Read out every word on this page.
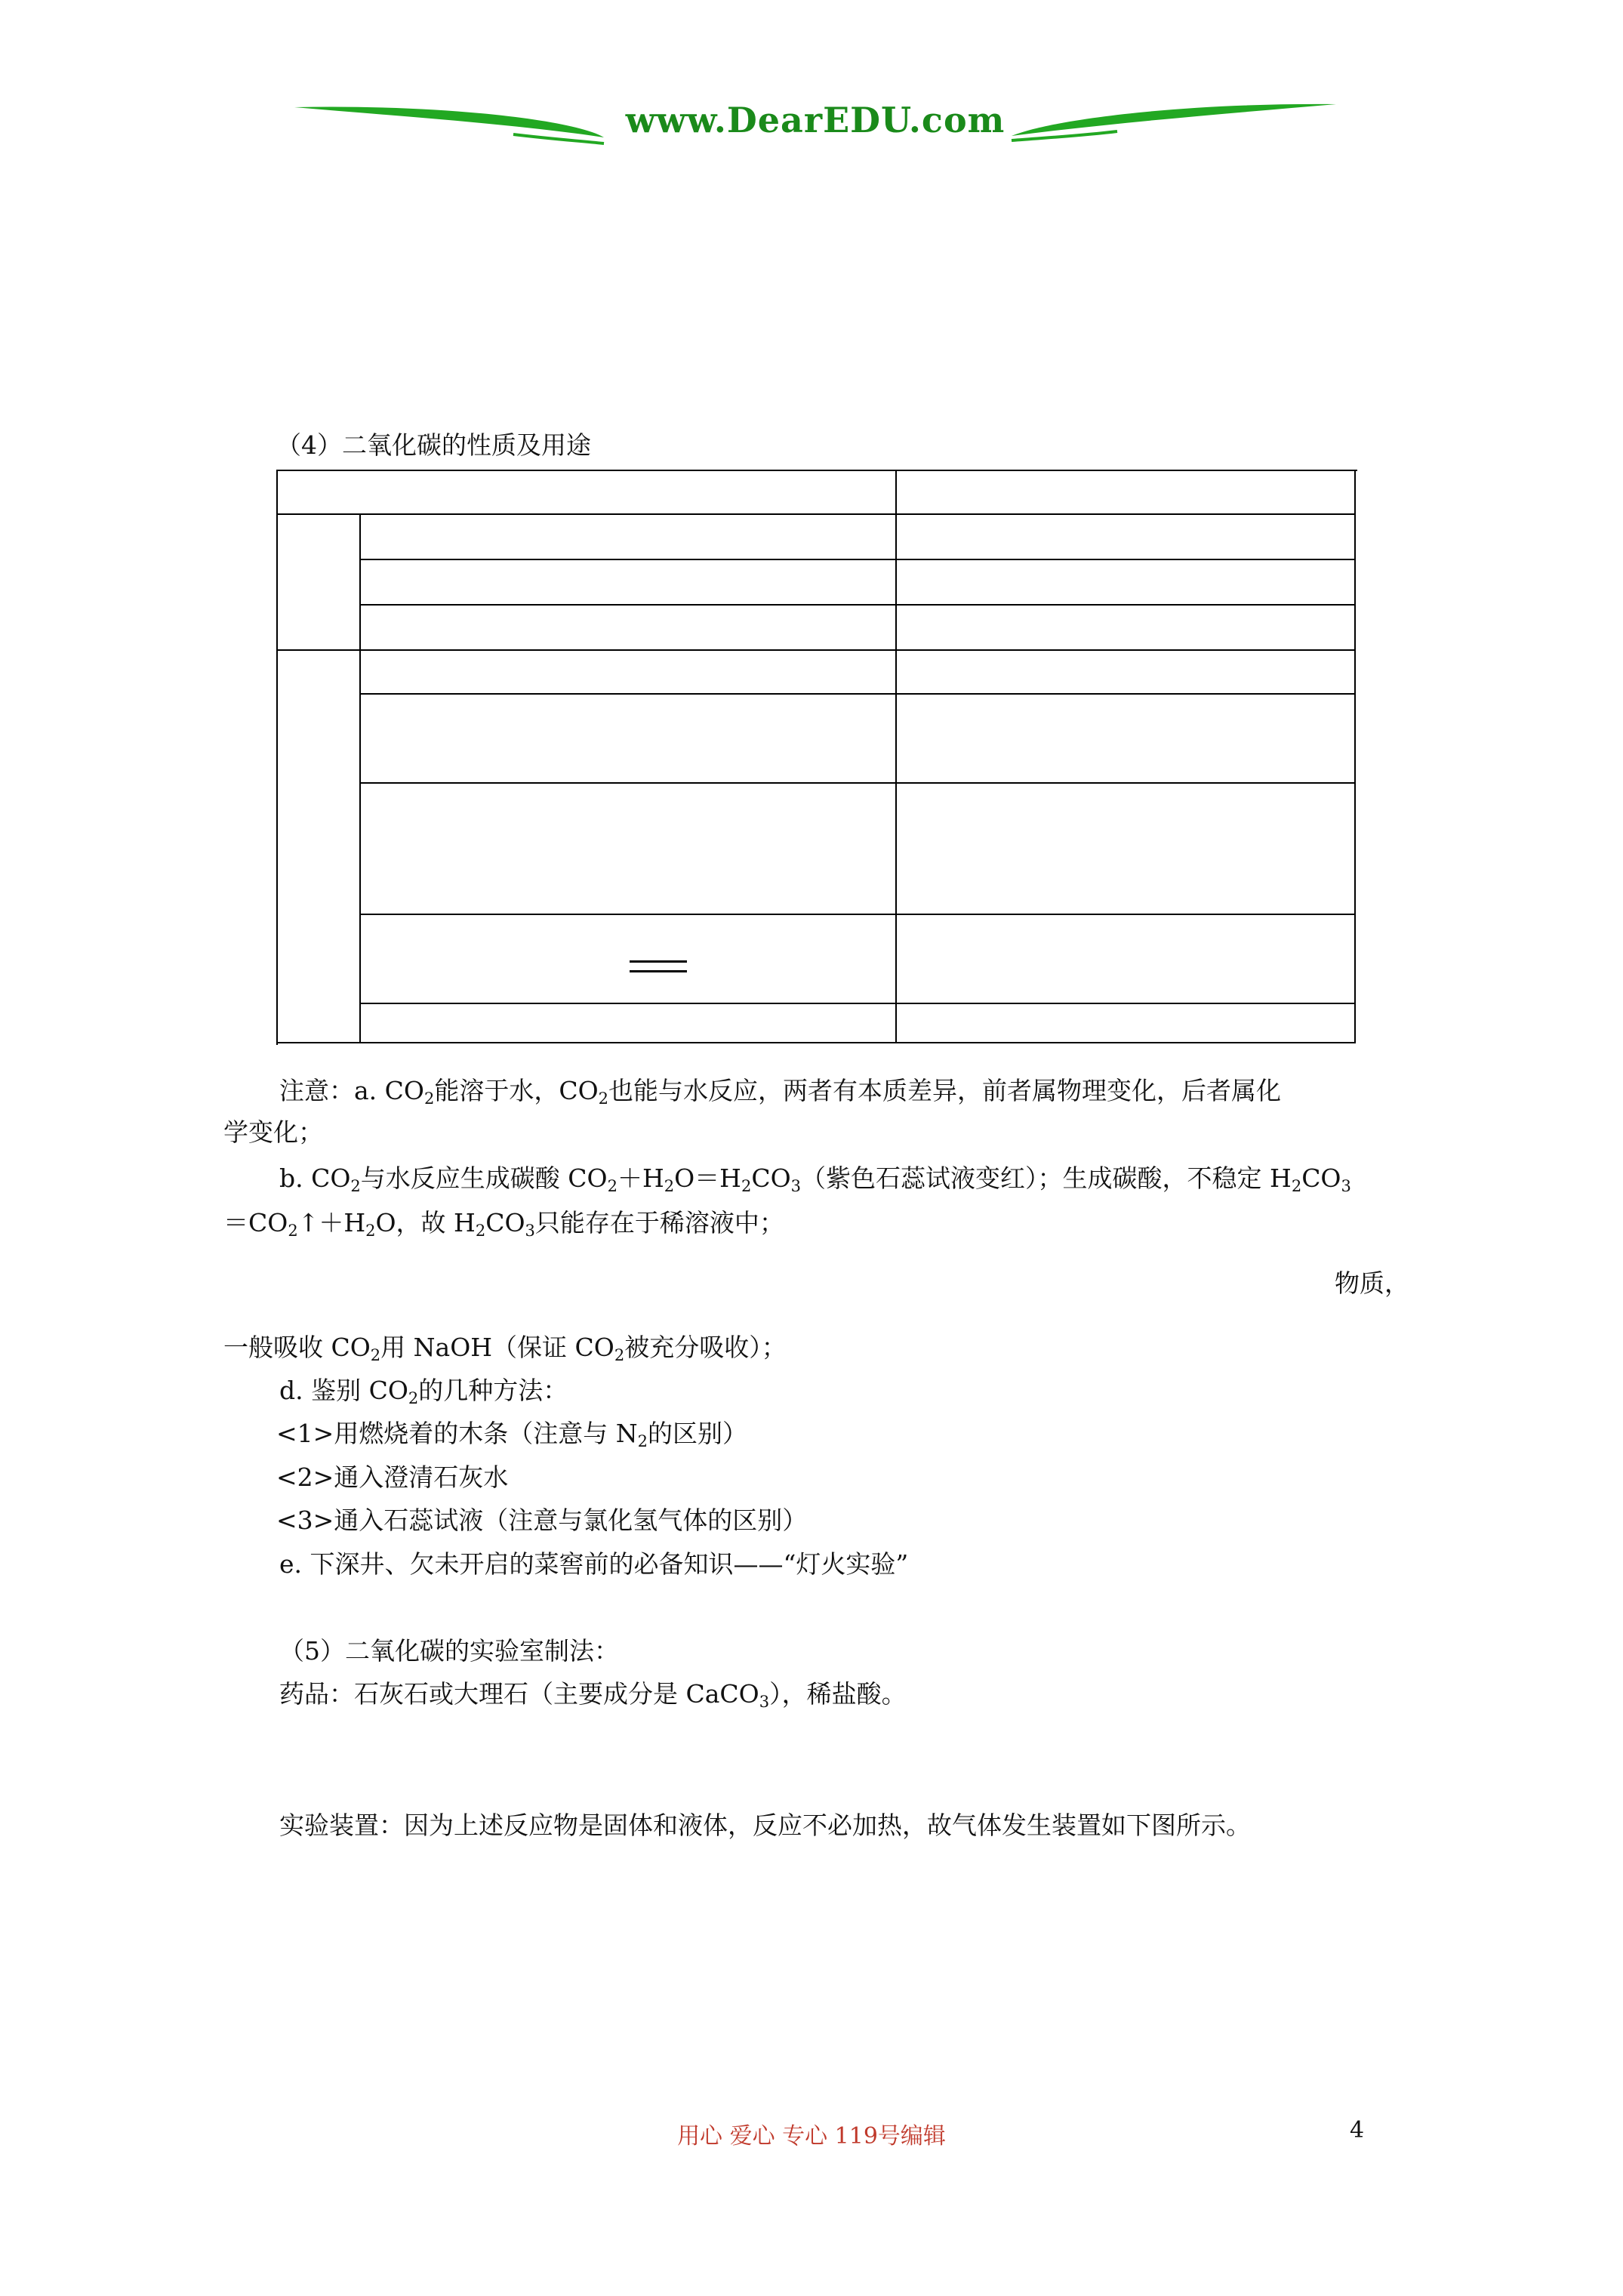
www.DearEDU.com
（4）二氧化碳的性质及用途
注意：a. $CO_2$能溶于水，$CO_2$也能与水反应，两者有本质差异，前者属物理变化，后者属化
学变化；
b. $CO_2$与水反应生成碳酸 $CO_2+H_2O=H_2CO_3$（紫色石蕊试液变红）；生成碳酸，不稳定 $H_2CO_3$
$=CO_2↑+H_2O$，故 $H_2CO_3$只能存在于稀溶液中；
物质，
一般吸收 $CO_2$用 NaOH（保证 $CO_2$被充分吸收）；
d. 鉴别 $CO_2$的几种方法：
<1>用燃烧着的木条（注意与 $N_2$的区别）
<2>通入澄清石灰水
<3>通入石蕊试液（注意与氯化氢气体的区别）
e. 下深井、欠未开启的菜窖前的必备知识——“灯火实验”
（5）二氧化碳的实验室制法：
药品：石灰石或大理石（主要成分是 CaCO$_3$），稀盐酸。
实验装置：因为上述反应物是固体和液体，反应不必加热，故气体发生装置如下图所示。
用心 爱心 专心 119号编辑	4
